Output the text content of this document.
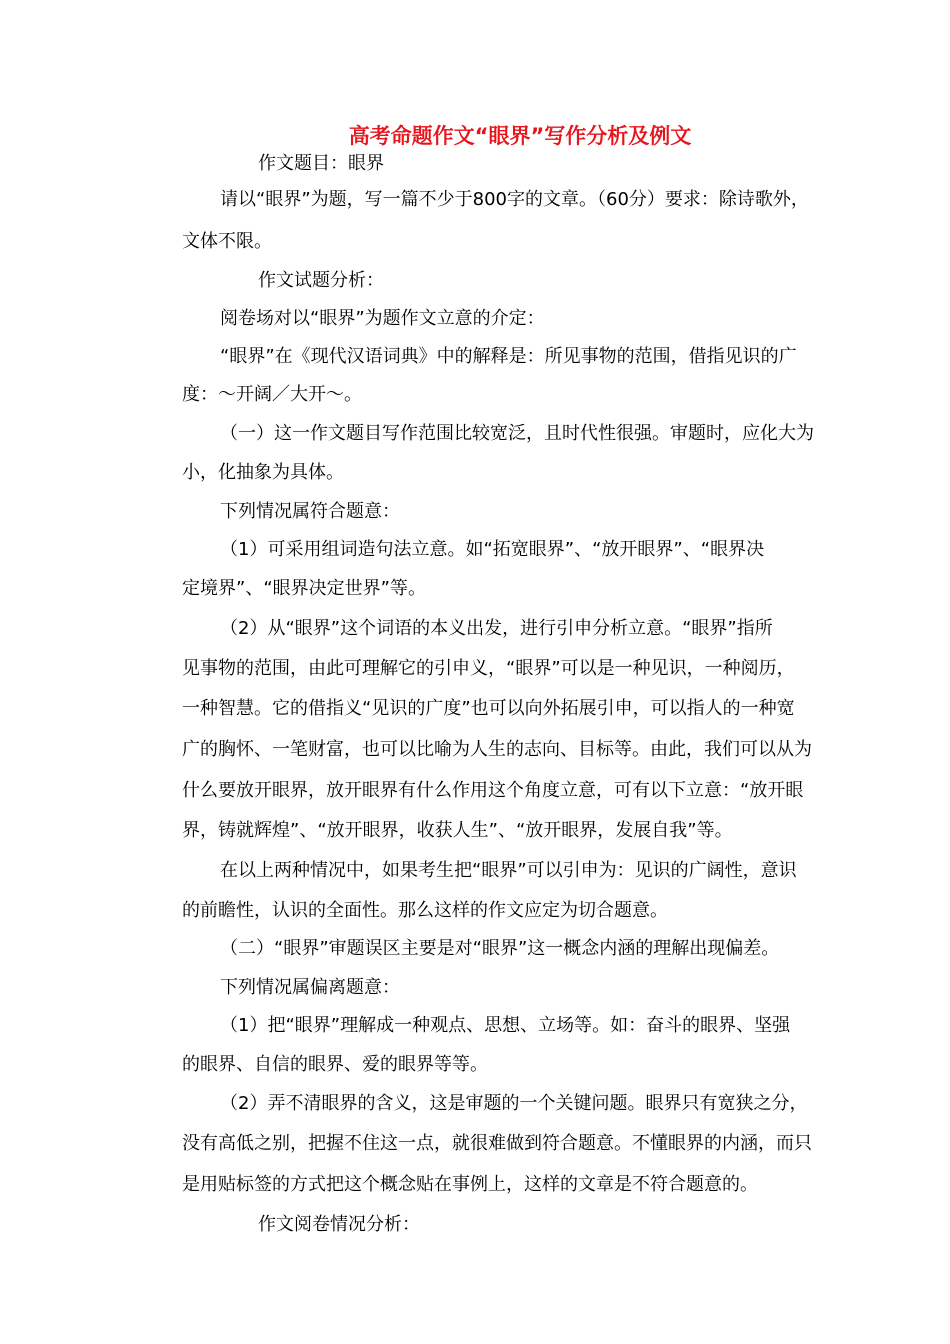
高考命题作文“眼界”写作分析及例文
作文题目：眼界
请以“眼界”为题，写一篇不少于800字的文章。（60分）要求：除诗歌外，
文体不限。
作文试题分析：
阅卷场对以“眼界”为题作文立意的介定：
“眼界”在《现代汉语词典》中的解释是：所见事物的范围，借指见识的广
度：～开阔／大开～。
（一）这一作文题目写作范围比较宽泛，且时代性很强。审题时，应化大为
小，化抽象为具体。
下列情况属符合题意：
（1）可采用组词造句法立意。如“拓宽眼界”、“放开眼界”、“眼界决
定境界”、“眼界决定世界”等。
（2）从“眼界”这个词语的本义出发，进行引申分析立意。“眼界”指所
见事物的范围，由此可理解它的引申义，“眼界”可以是一种见识，一种阅历，
一种智慧。它的借指义“见识的广度”也可以向外拓展引申，可以指人的一种宽
广的胸怀、一笔财富，也可以比喻为人生的志向、目标等。由此，我们可以从为
什么要放开眼界，放开眼界有什么作用这个角度立意，可有以下立意：“放开眼
界，铸就辉煌”、“放开眼界，收获人生”、“放开眼界，发展自我”等。
在以上两种情况中，如果考生把“眼界”可以引申为：见识的广阔性，意识
的前瞻性，认识的全面性。那么这样的作文应定为切合题意。
（二）“眼界”审题误区主要是对“眼界”这一概念内涵的理解出现偏差。
下列情况属偏离题意：
（1）把“眼界”理解成一种观点、思想、立场等。如：奋斗的眼界、坚强
的眼界、自信的眼界、爱的眼界等等。
（2）弄不清眼界的含义，这是审题的一个关键问题。眼界只有宽狭之分，
没有高低之别，把握不住这一点，就很难做到符合题意。不懂眼界的内涵，而只
是用贴标签的方式把这个概念贴在事例上，这样的文章是不符合题意的。
作文阅卷情况分析：
